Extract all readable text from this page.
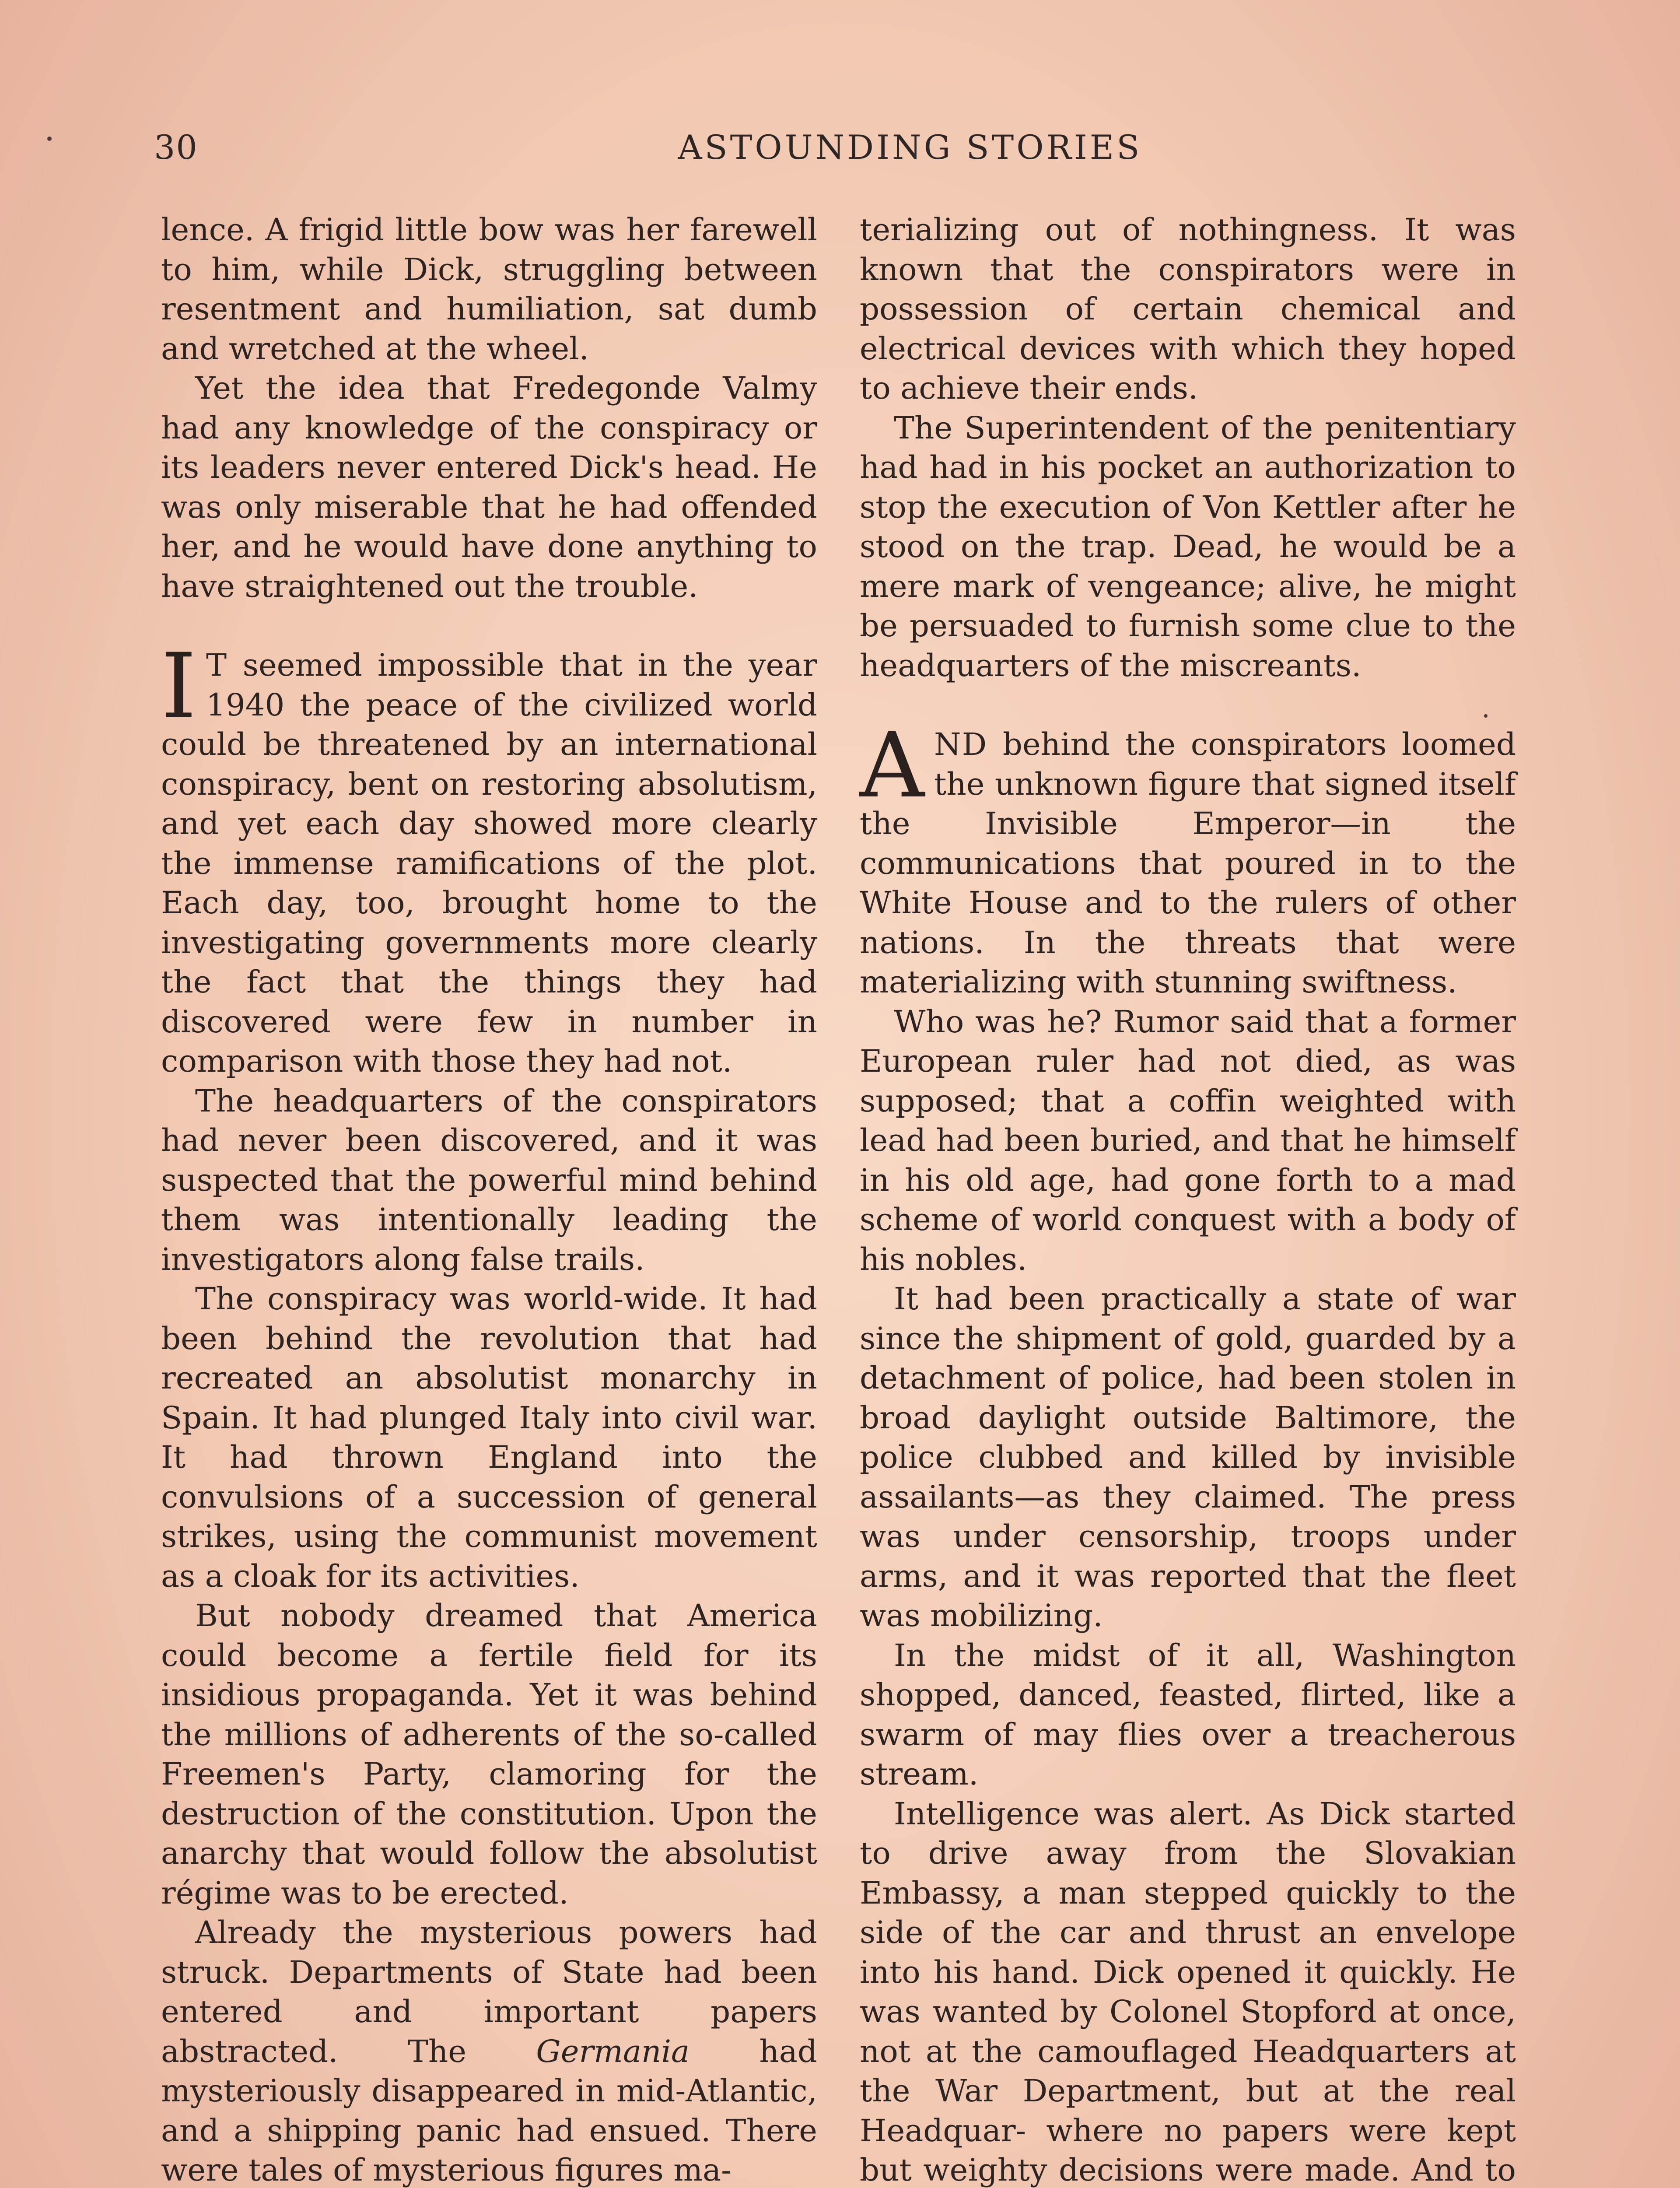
30	ASTOUNDING STORIES

lence. A frigid little bow was her farewell to him, while Dick, struggling between resentment and humiliation, sat dumb and wretched at the wheel.

Yet the idea that Fredegonde Valmy had any knowledge of the conspiracy or its leaders never entered Dick's head. He was only miserable that he had offended her, and he would have done anything to have straightened out the trouble.

I T seemed impossible that in the year 1940 the peace of the civilized world could be threatened by an international conspiracy, bent on restoring absolutism, and yet each day showed more clearly the immense ramifications of the plot. Each day, too, brought home to the investigating governments more clearly the fact that the things they had discovered were few in number in comparison with those they had not.

The headquarters of the conspirators had never been discovered, and it was suspected that the powerful mind behind them was intentionally leading the investigators along false trails.

The conspiracy was world-wide. It had been behind the revolution that had recreated an absolutist monarchy in Spain. It had plunged Italy into civil war. It had thrown England into the convulsions of a succession of general strikes, using the communist movement as a cloak for its activities.

But nobody dreamed that America could become a fertile field for its insidious propaganda. Yet it was behind the millions of adherents of the so-called Freemen's Party, clamoring for the destruction of the constitution. Upon the anarchy that would follow the absolutist régime was to be erected.

Already the mysterious powers had struck. Departments of State had been entered and important papers abstracted. The Germania had mysteriously disappeared in mid-Atlantic, and a shipping panic had ensued. There were tales of mysterious figures ma-

terializing out of nothingness. It was known that the conspirators were in possession of certain chemical and electrical devices with which they hoped to achieve their ends.

The Superintendent of the penitentiary had had in his pocket an authorization to stop the execution of Von Kettler after he stood on the trap. Dead, he would be a mere mark of vengeance; alive, he might be persuaded to furnish some clue to the headquarters of the miscreants.

AND behind the conspirators loomed the unknown figure that signed itself the Invisible Emperor—in the communications that poured in to the White House and to the rulers of other nations. In the threats that were materializing with stunning swiftness.

Who was he? Rumor said that a former European ruler had not died, as was supposed; that a coffin weighted with lead had been buried, and that he himself in his old age, had gone forth to a mad scheme of world conquest with a body of his nobles.

It had been practically a state of war since the shipment of gold, guarded by a detachment of police, had been stolen in broad daylight outside Baltimore, the police clubbed and killed by invisible assailants—as they claimed. The press was under censorship, troops under arms, and it was reported that the fleet was mobilizing.

In the midst of it all, Washington shopped, danced, feasted, flirted, like a swarm of may flies over a treacherous stream.

Intelligence was alert. As Dick started to drive away from the Slovakian Embassy, a man stepped quickly to the side of the car and thrust an envelope into his hand. Dick opened it quickly. He was wanted by Colonel Stopford at once, not at the camouflaged Headquarters at the War Department, but at the real Headquar- where no papers were kept but weighty decisions were made. And to
